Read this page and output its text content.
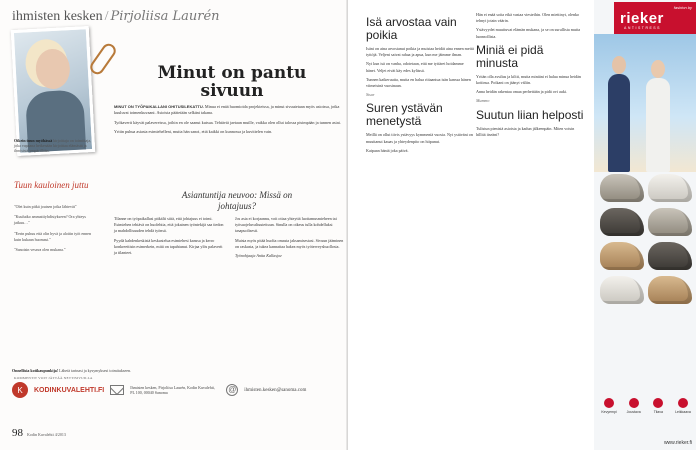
ihmisten kesken / Pirjoliisa Laurén
Oikein tuun myöhässä kirjoittaja on toimittaja, joka vapaana hetkenään kirjoittaa elämästä ja ihmisistä ympärillään.
Tuun kauloinen juttu

"Olet kuin pitkä joutsen jotka lähtevät"

"Kuulutko ammattiyhdistykseen? Ora yhteys jatkuu…"

"Eerin puhuu että olin hyvä ja aloitin työt ennen kuin kukaan huomasi."

"Sanoisin vesava olen mukana."

KOMMENTIT VOIT JÄTTÄÄ NETTISIVUILLA
Minut on pantu sivuun

MINUT ON TYÖPAIKALLANI OHITUSILEKATTU. Minua ei enää huomioida projekteissa, ja minut sivuutetaan myös asioissa, jotka kuuluvat toimenkuvaani. Asioista päätetään selkäni takana.

Työkaverit käyvät palavereissa, joihin en ole saanut kutsua. Tehtäviä jaetaan muille, vaikka olen ollut talossa pisimpään ja tunnen asiat.

Yritin puhua asiasta esimiehelleni, mutta hän sanoi, että kaikki on kunnossa ja kuvittelen vain.

Asiantuntija neuvoo: Missä on johtajuus?

Tilanne on työpaikallasi pitkälti siitä, että johtajuus ei toimi. Esimiehen tehtävä on huolehtia, että jokainen työntekijä saa tiedon ja mahdollisuuden tehdä työnsä.

Pyydä kahdenkeskistä keskustelua esimiehesi kanssa ja kerro konkreettisin esimerkein, mitä on tapahtunut. Kirjaa ylös palaverit ja tilanteet.

Jos asia ei korjaannu, voit ottaa yhteyttä luottamusmieheen tai työsuojeluvaltuutettuun. Sinulla on oikeus tulla kohdelluksi tasapuolisesti.

Muista myös pitää huolta omasta jaksamisestasi. Sivuun jääminen on raskasta, ja tukea kannattaa hakea myös työterveyshuollosta.

Työnohjaaja Anita Kallasjoe

Onnellisia kotikaupunkija! Lähetä tarinasi ja kysymyksesi toimitukseen.
K	KODINKUVALEHTI.FI	Ihmisten kesken, Pirjoliisa Laurén, Kodin Kuvalehti, PL 100, 00040 Sanoma	@	ihmisten.kesken@sanoma.com
98 Kodin Kuvalehti 4/2013
Isä arvostaa vain poikia

Isäni on aina arvostanut poikia ja muistaa heidät aina ennen meitä tyttöjä. Veljeni saivat rahaa ja apua, kun me jäimme ilman.

Nyt kun isä on vanha, odotetaan, että me tyttäret hoidamme hänet. Veljet eivät käy edes kylässä.

Tunnen katkeruutta, mutta en halua riitaantua isän kanssa hänen viimeisinä vuosinaan.

Sisar

Suren ystävän menetystä

Meillä on ollut tiivis ystävyys kymmeniä vuosia. Nyt ystäväni on muuttanut kauas ja yhteydenpito on hiipunut.

Kaipaan häntä joka päivä.

Hän ei enää soita eikä vastaa viesteihin. Olen miettinyt, olenko tehnyt jotain väärin.

Ystävyydet muuttuvat elämän mukana, ja se on surullista mutta luonnollista.

Miniä ei pidä minusta

Yritän olla avulias ja kiltti, mutta miniäni ei halua minua heidän kotiinsa. Poikani on jäänyt väliin.

Anna heidän rakentaa omaa perhettään ja pidä ovi auki.

Mummo

Suutun liian helposti

Tulistun pienistä asioista ja kadun jälkeenpäin. Miten voisin hillitä itseäni?

fashion by
rieker
ANTISTRESS
Kevyempi	Joustava	Tilava	Leikkaava
www.rieker.fi
